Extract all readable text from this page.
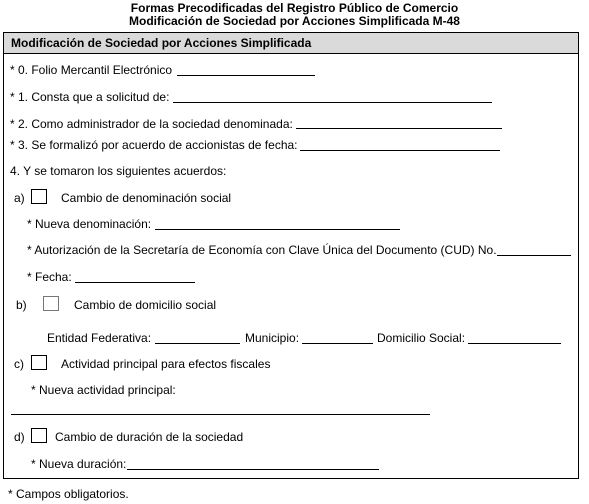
Formas Precodificadas del Registro Público de Comercio
Modificación de Sociedad por Acciones Simplificada M-48
Modificación de Sociedad por Acciones Simplificada
* 0. Folio Mercantil Electrónico
* 1. Consta que a solicitud de:
* 2. Como administrador de la sociedad denominada:
* 3. Se formalizó por acuerdo de accionistas de fecha:
4. Y se tomaron los siguientes acuerdos:
a)	Cambio de denominación social
* Nueva denominación:
* Autorización de la Secretaría de Economía con Clave Única del Documento (CUD) No.
* Fecha:
b)	Cambio de domicilio social
Entidad Federativa:	Municipio:	Domicilio Social:
c)	Actividad principal para efectos fiscales
* Nueva actividad principal:
d)	Cambio de duración de la sociedad
* Nueva duración:
* Campos obligatorios.
